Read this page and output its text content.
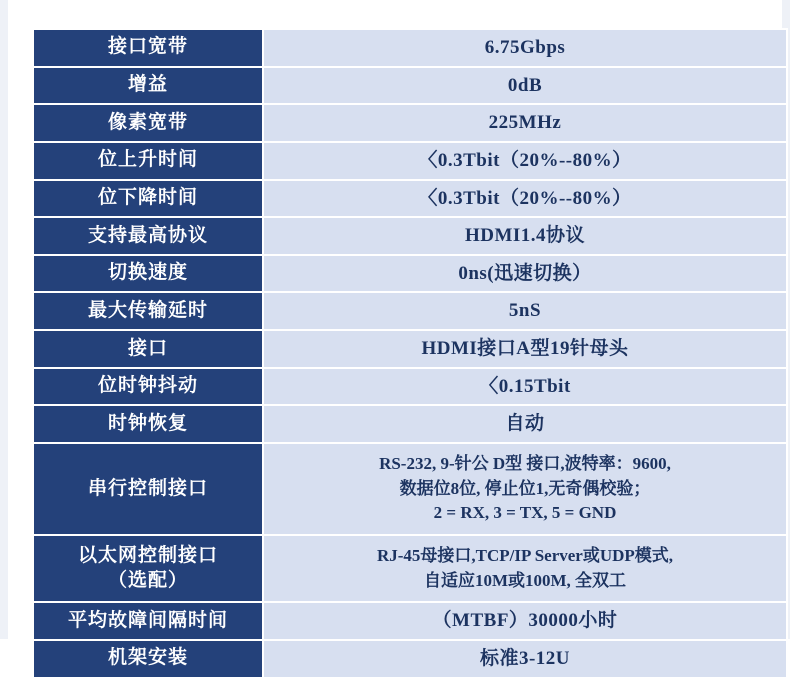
接口宽带	6.75Gbps
增益	0dB
像素宽带	225MHz
位上升时间	〈0.3Tbit（20%--80%）
位下降时间	〈0.3Tbit（20%--80%）
支持最高协议	HDMI1.4协议
切换速度	0ns(迅速切换）
最大传输延时	5nS
接口	HDMI接口A型19针母头
位时钟抖动	〈0.15Tbit
时钟恢复	自动
串行控制接口	RS-232, 9-针公 D型 接口,波特率：9600,
数据位8位, 停止位1,无奇偶校验；
2 = RX, 3 = TX, 5 = GND

以太网控制接口
（选配）	RJ-45母接口,TCP/IP Server或UDP模式,
自适应10M或100M, 全双工

平均故障间隔时间	（MTBF）30000小时
机架安装	标准3-12U
